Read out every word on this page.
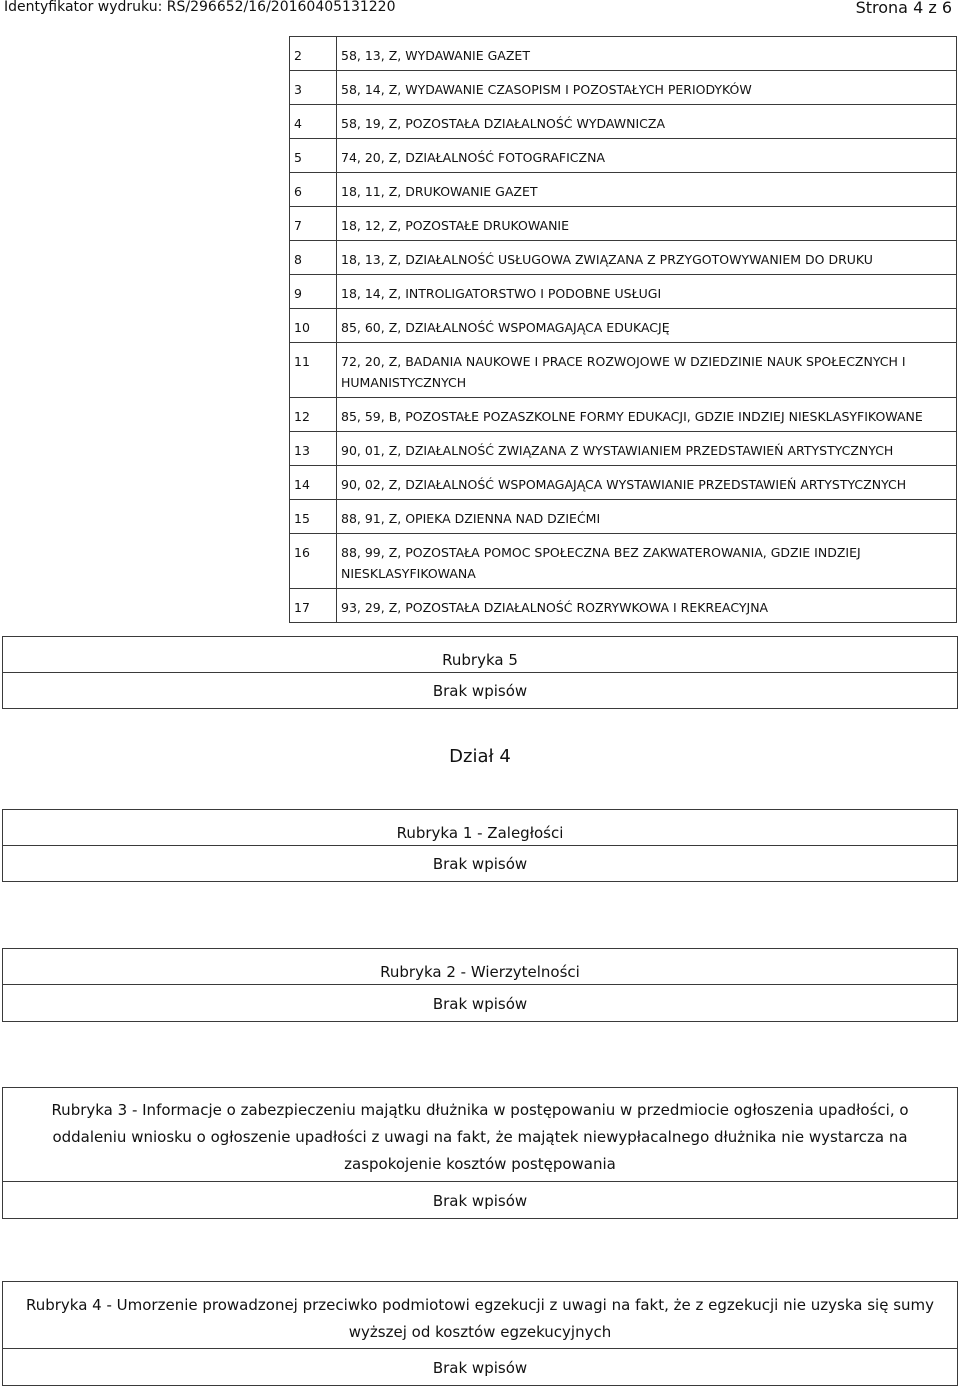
Identyfikator wydruku: RS/296652/16/20160405131220	Strona 4 z 6
2	58, 13, Z, WYDAWANIE GAZET
3	58, 14, Z, WYDAWANIE CZASOPISM I POZOSTAŁYCH PERIODYKÓW
4	58, 19, Z, POZOSTAŁA DZIAŁALNOŚĆ WYDAWNICZA
5	74, 20, Z, DZIAŁALNOŚĆ FOTOGRAFICZNA
6	18, 11, Z, DRUKOWANIE GAZET
7	18, 12, Z, POZOSTAŁE DRUKOWANIE
8	18, 13, Z, DZIAŁALNOŚĆ USŁUGOWA ZWIĄZANA Z PRZYGOTOWYWANIEM DO DRUKU
9	18, 14, Z, INTROLIGATORSTWO I PODOBNE USŁUGI
10	85, 60, Z, DZIAŁALNOŚĆ WSPOMAGAJĄCA EDUKACJĘ
11	72, 20, Z, BADANIA NAUKOWE I PRACE ROZWOJOWE W DZIEDZINIE NAUK SPOŁECZNYCH I HUMANISTYCZNYCH
12	85, 59, B, POZOSTAŁE POZASZKOLNE FORMY EDUKACJI, GDZIE INDZIEJ NIESKLASYFIKOWANE
13	90, 01, Z, DZIAŁALNOŚĆ ZWIĄZANA Z WYSTAWIANIEM PRZEDSTAWIEŃ ARTYSTYCZNYCH
14	90, 02, Z, DZIAŁALNOŚĆ WSPOMAGAJĄCA WYSTAWIANIE PRZEDSTAWIEŃ ARTYSTYCZNYCH
15	88, 91, Z, OPIEKA DZIENNA NAD DZIEĆMI
16	88, 99, Z, POZOSTAŁA POMOC SPOŁECZNA BEZ ZAKWATEROWANIA, GDZIE INDZIEJ NIESKLASYFIKOWANA
17	93, 29, Z, POZOSTAŁA DZIAŁALNOŚĆ ROZRYWKOWA I REKREACYJNA
Rubryka 5
Brak wpisów
Dział 4
Rubryka 1 - Zaległości
Brak wpisów
Rubryka 2 - Wierzytelności
Brak wpisów
Rubryka 3 - Informacje o zabezpieczeniu majątku dłużnika w postępowaniu w przedmiocie ogłoszenia upadłości, o oddaleniu wniosku o ogłoszenie upadłości z uwagi na fakt, że majątek niewypłacalnego dłużnika nie wystarcza na zaspokojenie kosztów postępowania
Brak wpisów
Rubryka 4 - Umorzenie prowadzonej przeciwko podmiotowi egzekucji z uwagi na fakt, że z egzekucji nie uzyska się sumy wyższej od kosztów egzekucyjnych
Brak wpisów
